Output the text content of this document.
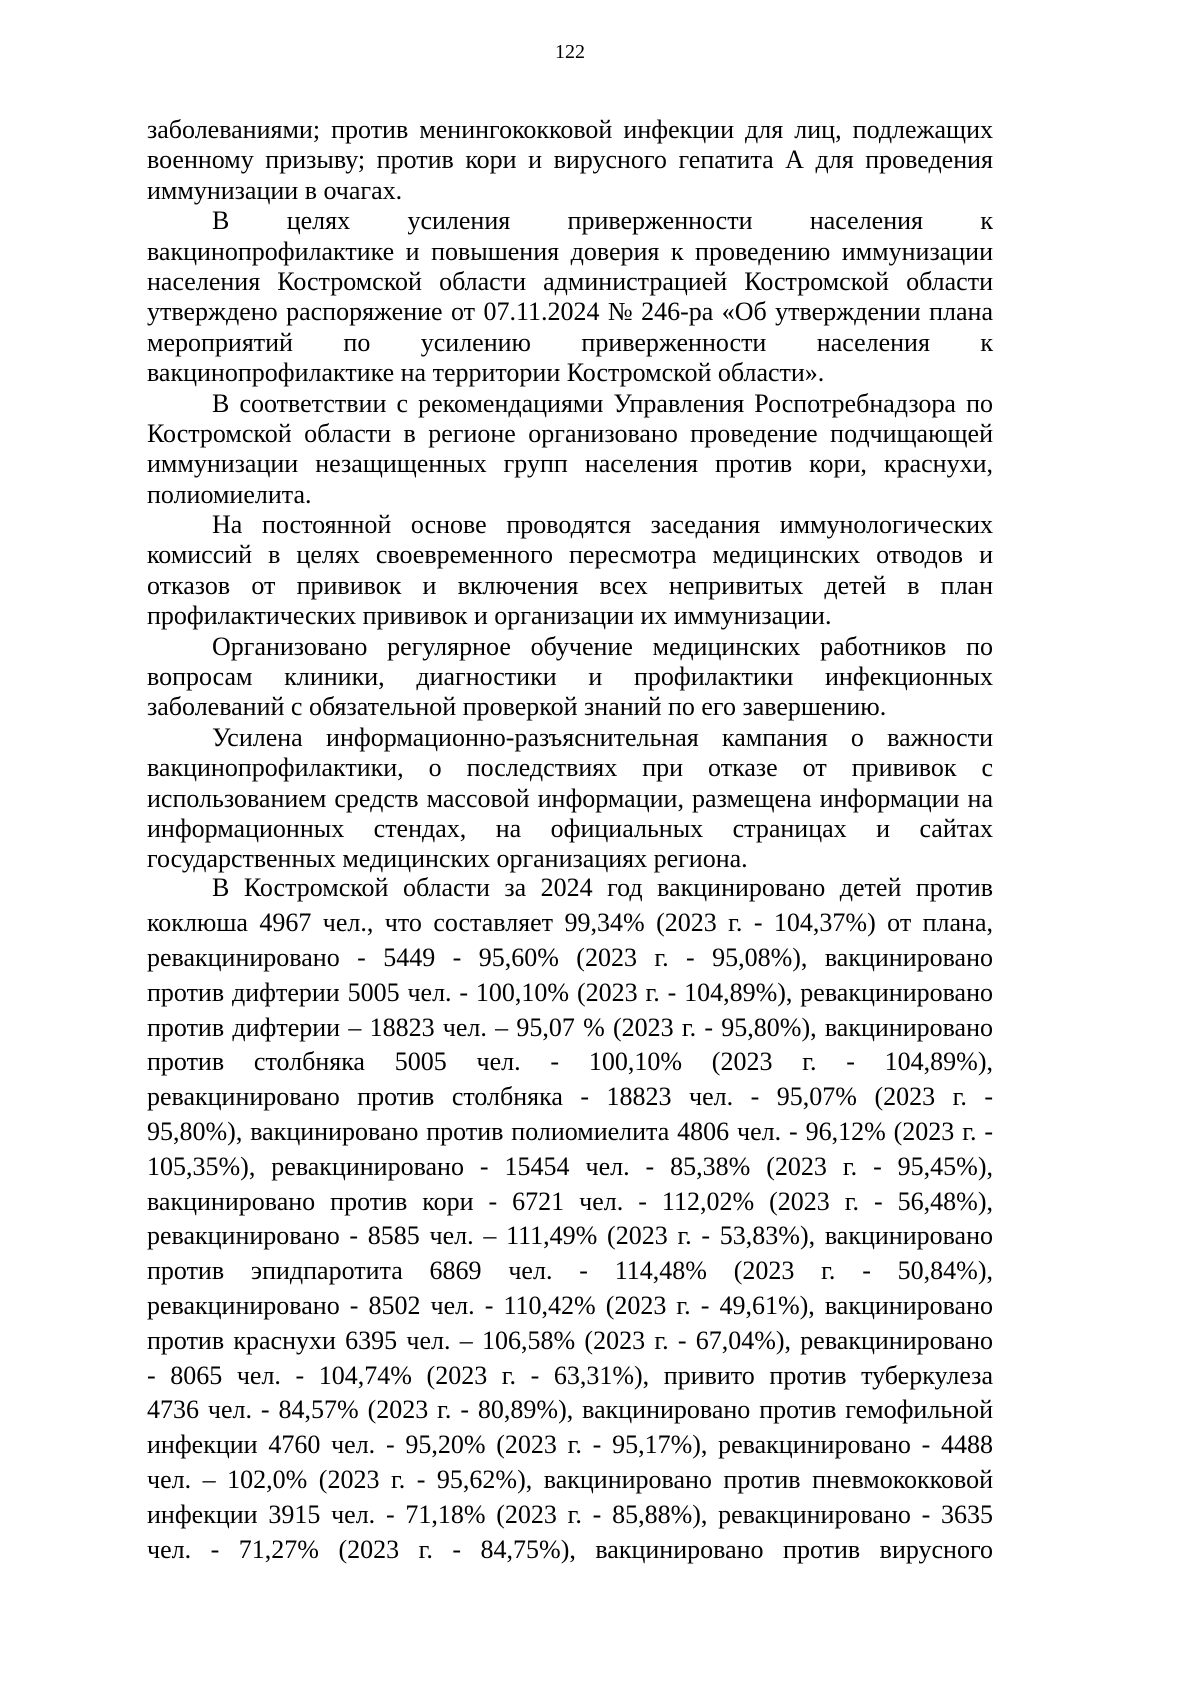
122
заболеваниями; против менингококковой инфекции для лиц, подлежащих
военному призыву; против кори и вирусного гепатита А для проведения
иммунизации в очагах.
В целях усиления приверженности населения к
вакцинопрофилактике и повышения доверия к проведению иммунизации
населения Костромской области администрацией Костромской области
утверждено распоряжение от 07.11.2024 № 246-ра «Об утверждении плана
мероприятий по усилению приверженности населения к
вакцинопрофилактике на территории Костромской области».
В соответствии с рекомендациями Управления Роспотребнадзора по
Костромской области в регионе организовано проведение подчищающей
иммунизации незащищенных групп населения против кори, краснухи,
полиомиелита.
На постоянной основе проводятся заседания иммунологических
комиссий в целях своевременного пересмотра медицинских отводов и
отказов от прививок и включения всех непривитых детей в план
профилактических прививок и организации их иммунизации.
Организовано регулярное обучение медицинских работников по
вопросам клиники, диагностики и профилактики инфекционных
заболеваний с обязательной проверкой знаний по его завершению.
Усилена информационно-разъяснительная кампания о важности
вакцинопрофилактики, о последствиях при отказе от прививок с
использованием средств массовой информации, размещена информации на
информационных стендах, на официальных страницах и сайтах
государственных медицинских организациях региона.
В Костромской области за 2024 год вакцинировано детей против
коклюша 4967 чел., что составляет 99,34% (2023 г. - 104,37%) от плана,
ревакцинировано - 5449 - 95,60% (2023 г. - 95,08%), вакцинировано
против дифтерии 5005 чел. - 100,10% (2023 г. - 104,89%), ревакцинировано
против дифтерии – 18823 чел. – 95,07 % (2023 г. - 95,80%), вакцинировано
против столбняка 5005 чел. - 100,10% (2023 г. - 104,89%),
ревакцинировано против столбняка - 18823 чел. - 95,07% (2023 г. -
95,80%), вакцинировано против полиомиелита 4806 чел. - 96,12% (2023 г. -
105,35%), ревакцинировано - 15454 чел. - 85,38% (2023 г. - 95,45%),
вакцинировано против кори - 6721 чел. - 112,02% (2023 г. - 56,48%),
ревакцинировано - 8585 чел. – 111,49% (2023 г. - 53,83%), вакцинировано
против эпидпаротита 6869 чел. - 114,48% (2023 г. - 50,84%),
ревакцинировано - 8502 чел. - 110,42% (2023 г. - 49,61%), вакцинировано
против краснухи 6395 чел. – 106,58% (2023 г. - 67,04%), ревакцинировано
- 8065 чел. - 104,74% (2023 г. - 63,31%), привито против туберкулеза
4736 чел. - 84,57% (2023 г. - 80,89%), вакцинировано против гемофильной
инфекции 4760 чел. - 95,20% (2023 г. - 95,17%), ревакцинировано - 4488
чел. – 102,0% (2023 г. - 95,62%), вакцинировано против пневмококковой
инфекции 3915 чел. - 71,18% (2023 г. - 85,88%), ревакцинировано - 3635
чел. - 71,27% (2023 г. - 84,75%), вакцинировано против вирусного
